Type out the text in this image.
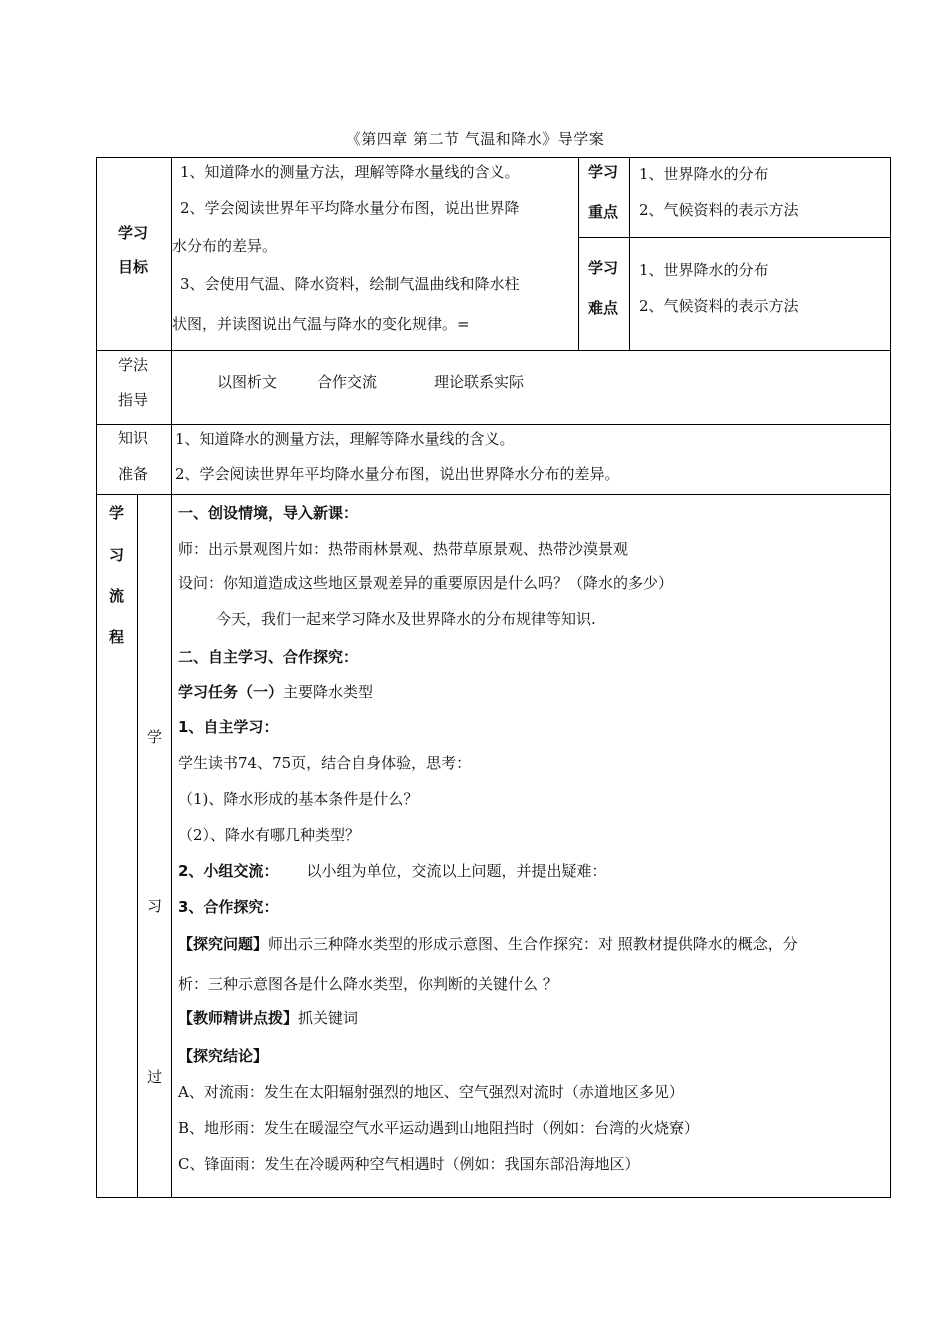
《第四章 第二节 气温和降水》导学案
学习
目标
1、知道降水的测量方法，理解等降水量线的含义。
2、学会阅读世界年平均降水量分布图，说出世界降
水分布的差异。
3、会使用气温、降水资料，绘制气温曲线和降水柱
状图，并读图说出气温与降水的变化规律。=
学习
重点
1、世界降水的分布
2、气候资料的表示方法
学习
难点
1、世界降水的分布
2、气候资料的表示方法
学法
指导
以图析文	合作交流	理论联系实际
知识
准备
1、知道降水的测量方法，理解等降水量线的含义。
2、学会阅读世界年平均降水量分布图，说出世界降水分布的差异。
学
习
流
程
学
习
过
一、创设情境，导入新课：
师：出示景观图片如：热带雨林景观、热带草原景观、热带沙漠景观
设问：你知道造成这些地区景观差异的重要原因是什么吗？（降水的多少）
今天，我们一起来学习降水及世界降水的分布规律等知识.
二、自主学习、合作探究：
学习任务（一）主要降水类型
1、自主学习：
学生读书74、75页，结合自身体验，思考：
（1)、降水形成的基本条件是什么？
（2）、降水有哪几种类型？
2、小组交流： 以小组为单位，交流以上问题，并提出疑难：
3、合作探究：
【探究问题】师出示三种降水类型的形成示意图、生合作探究：对 照教材提供降水的概念，分
析：三种示意图各是什么降水类型，你判断的关键什么 ？
【教师精讲点拨】抓关键词
【探究结论】
A、对流雨：发生在太阳辐射强烈的地区、空气强烈对流时（赤道地区多见）
B、地形雨：发生在暖湿空气水平运动遇到山地阻挡时（例如：台湾的火烧寮）
C、锋面雨：发生在冷暖两种空气相遇时（例如：我国东部沿海地区）
